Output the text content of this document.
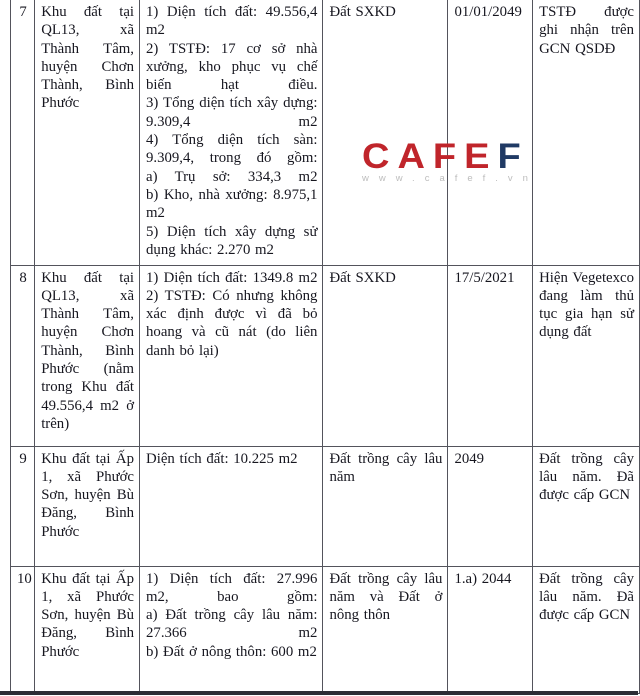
7	Khu đất tại QL13, xã Thành Tâm, huyện Chơn Thành, Bình Phước	
1) Diện tích đất: 49.556,4 m2
2) TSTĐ: 17 cơ sở nhà xưởng, kho phục vụ chế biến hạt điều.
3) Tổng diện tích xây dựng: 9.309,4 m2
4) Tổng diện tích sàn: 9.309,4, trong đó gồm:
a) Trụ sở: 334,3 m2
b) Kho, nhà xưởng: 8.975,1 m2
5) Diện tích xây dựng sử dụng khác: 2.270 m2
	Đất SXKD	01/01/2049	TSTĐ được ghi nhận trên GCN QSDĐ
8	Khu đất tại QL13, xã Thành Tâm, huyện Chơn Thành, Bình Phước (nằm trong Khu đất 49.556,4 m2 ở trên)	1) Diện tích đất: 1349.8 m2
2) TSTĐ: Có nhưng không xác định được vì đã bỏ hoang và cũ nát (do liên danh bỏ lại)	Đất SXKD	17/5/2021	Hiện Vegetexco đang làm thủ tục gia hạn sử dụng đất
9	Khu đất tại Ấp 1, xã Phước Sơn, huyện Bù Đăng, Bình Phước	Diện tích đất: 10.225 m2	Đất trồng cây lâu năm	2049	Đất trồng cây lâu năm. Đã được cấp GCN
10	Khu đất tại Ấp 1, xã Phước Sơn, huyện Bù Đăng, Bình Phước	1) Diện tích đất: 27.996 m2, bao gồm:
a) Đất trồng cây lâu năm: 27.366 m2
b) Đất ở nông thôn: 600 m2	Đất trồng cây lâu năm và Đất ở nông thôn	1.a) 2044	Đất trồng cây lâu năm. Đã được cấp GCN
CAFEF
www.cafef.vn
